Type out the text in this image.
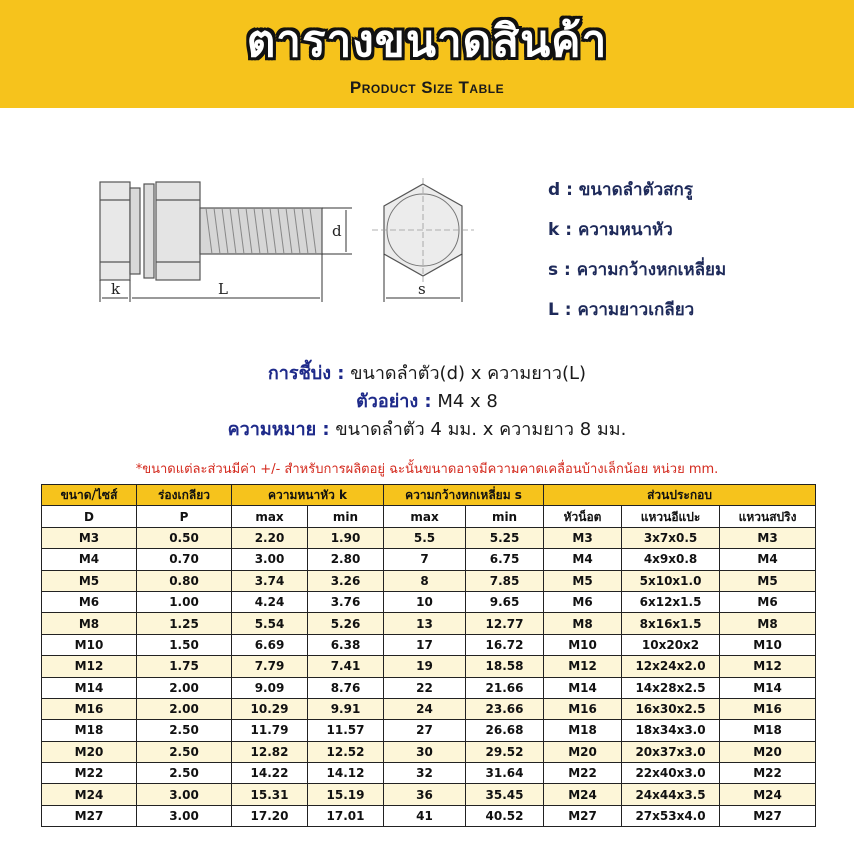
ตารางขนาดสินค้า
Product Size Table
d
k	L	s
d : ขนาดลำตัวสกรู
k : ความหนาหัว
s : ความกว้างหกเหลี่ยม
L : ความยาวเกลียว
การชี้บ่ง : ขนาดลำตัว(d) x ความยาว(L)
ตัวอย่าง : M4 x 8
ความหมาย : ขนาดลำตัว 4 มม. x ความยาว 8 มม.
*ขนาดแต่ละส่วนมีค่า +/- สำหรับการผลิตอยู่ ฉะนั้นขนาดอาจมีความคาดเคลื่อนบ้างเล็กน้อย หน่วย mm.
ขนาด/ไซส์	ร่องเกลียว	ความหนาหัว k		ความกว้างหกเหลี่ยม s		ส่วนประกอบ		
D	P	max	min	max	min	หัวน็อต	แหวนอีแปะ	แหวนสปริง
M3	0.50	2.20	1.90	5.5	5.25	M3	3x7x0.5	M3
M4	0.70	3.00	2.80	7	6.75	M4	4x9x0.8	M4
M5	0.80	3.74	3.26	8	7.85	M5	5x10x1.0	M5
M6	1.00	4.24	3.76	10	9.65	M6	6x12x1.5	M6
M8	1.25	5.54	5.26	13	12.77	M8	8x16x1.5	M8
M10	1.50	6.69	6.38	17	16.72	M10	10x20x2	M10
M12	1.75	7.79	7.41	19	18.58	M12	12x24x2.0	M12
M14	2.00	9.09	8.76	22	21.66	M14	14x28x2.5	M14
M16	2.00	10.29	9.91	24	23.66	M16	16x30x2.5	M16
M18	2.50	11.79	11.57	27	26.68	M18	18x34x3.0	M18
M20	2.50	12.82	12.52	30	29.52	M20	20x37x3.0	M20
M22	2.50	14.22	14.12	32	31.64	M22	22x40x3.0	M22
M24	3.00	15.31	15.19	36	35.45	M24	24x44x3.5	M24
M27	3.00	17.20	17.01	41	40.52	M27	27x53x4.0	M27
